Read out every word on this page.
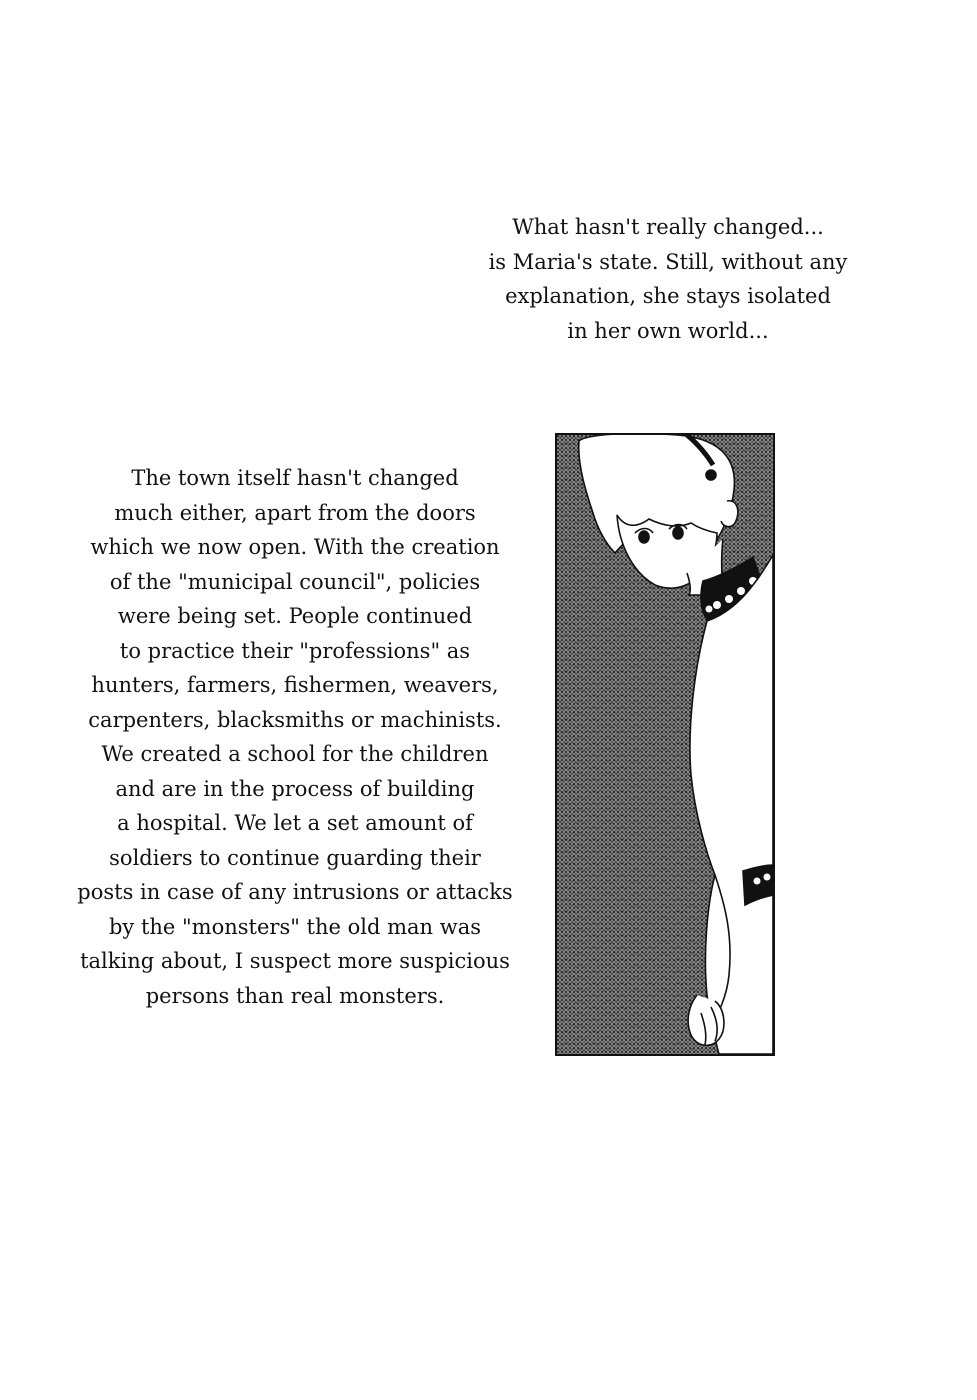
What hasn't really changed...
is Maria's state. Still, without any
explanation, she stays isolated
in her own world...
The town itself hasn't changed
much either, apart from the doors
which we now open. With the creation
of the "municipal council", policies
were being set. People continued
to practice their "professions" as
hunters, farmers, fishermen, weavers,
carpenters, blacksmiths or machinists.
We created a school for the children
and are in the process of building
a hospital. We let a set amount of
soldiers to continue guarding their
posts in case of any intrusions or attacks
by the "monsters" the old man was
talking about, I suspect more suspicious
persons than real monsters.
